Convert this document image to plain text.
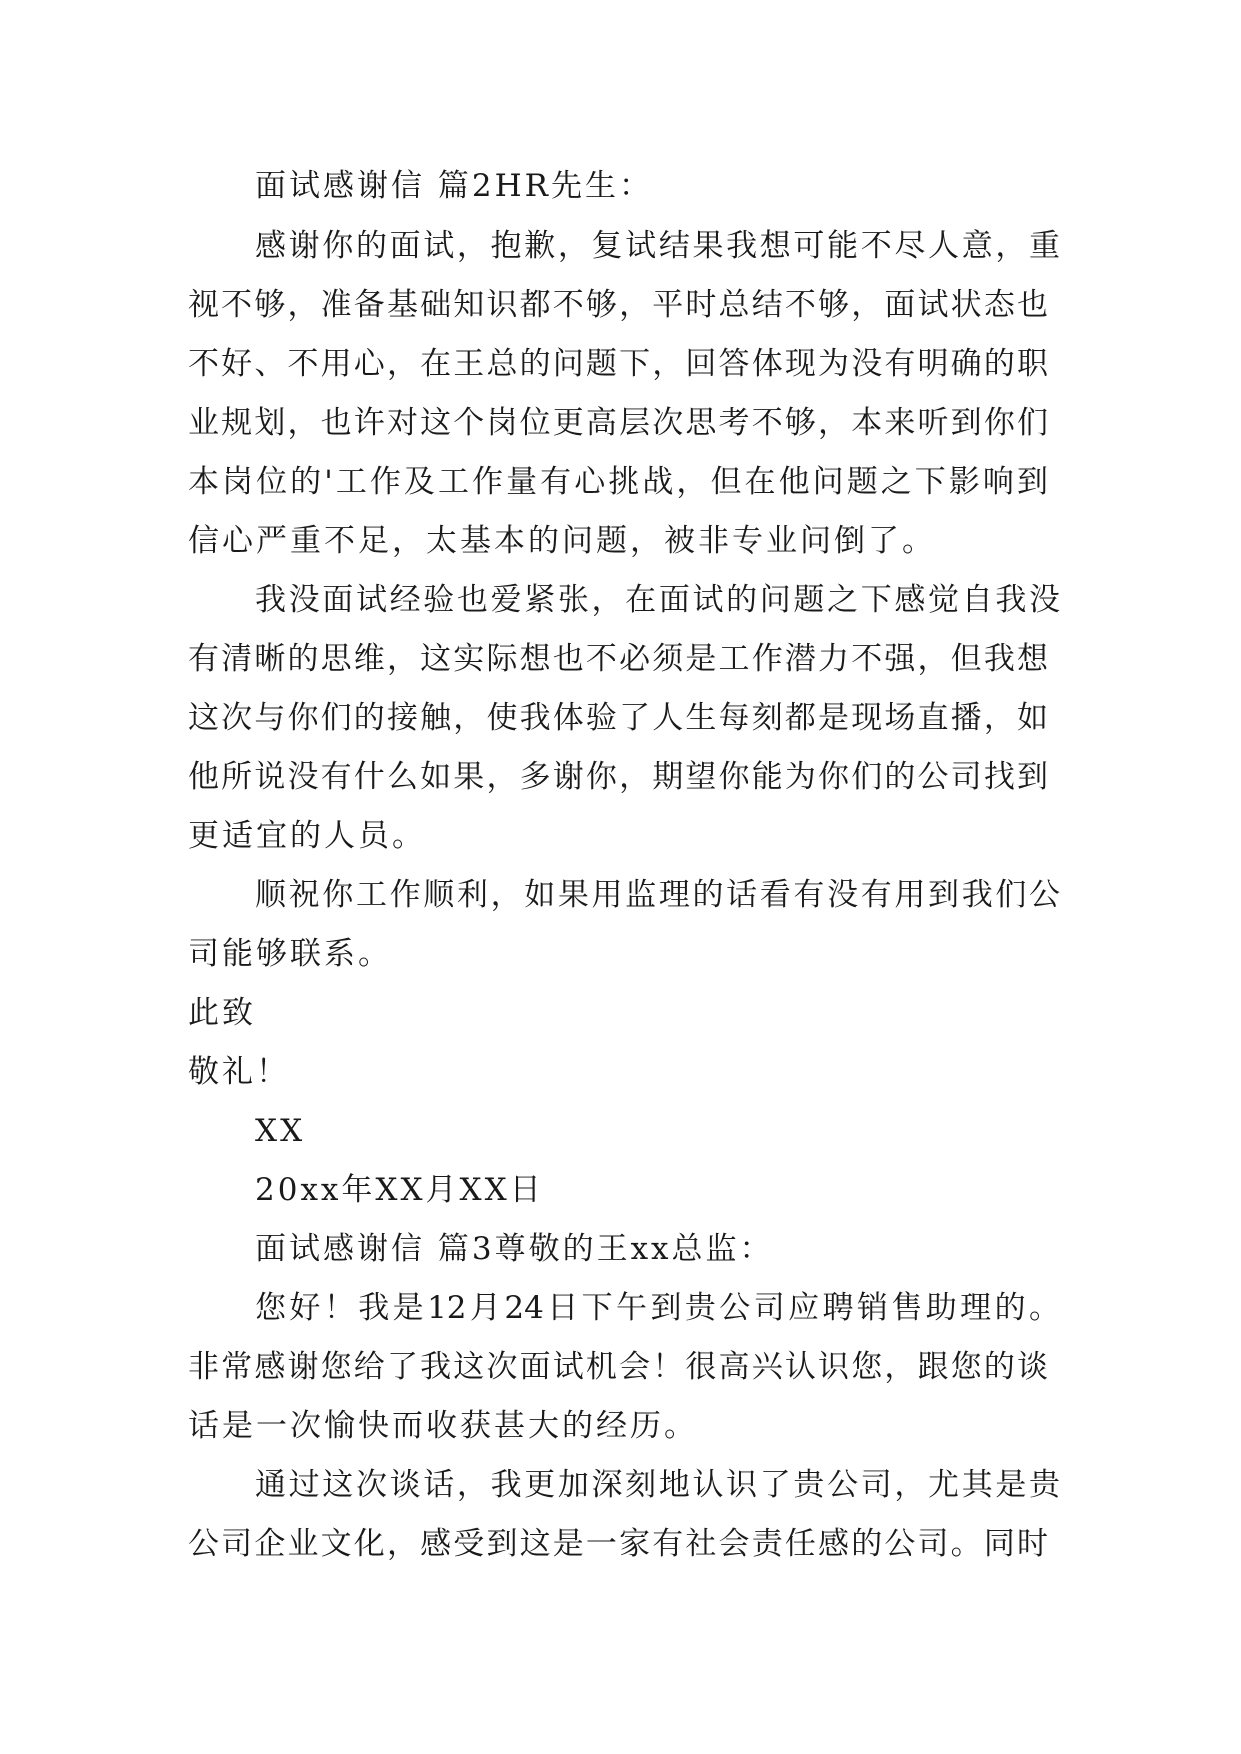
面试感谢信 篇2HR先生：
感谢你的面试，抱歉，复试结果我想可能不尽人意，重
视不够，准备基础知识都不够，平时总结不够，面试状态也
不好、不用心，在王总的问题下，回答体现为没有明确的职
业规划，也许对这个岗位更高层次思考不够，本来听到你们
本岗位的'工作及工作量有心挑战，但在他问题之下影响到
信心严重不足，太基本的问题，被非专业问倒了。
我没面试经验也爱紧张，在面试的问题之下感觉自我没
有清晰的思维，这实际想也不必须是工作潜力不强，但我想
这次与你们的接触，使我体验了人生每刻都是现场直播，如
他所说没有什么如果，多谢你，期望你能为你们的公司找到
更适宜的人员。
顺祝你工作顺利，如果用监理的话看有没有用到我们公
司能够联系。
此致
敬礼！
XX
20xx年XX月XX日
面试感谢信 篇3尊敬的王xx总监：
您好！我是12月24日下午到贵公司应聘销售助理的。
非常感谢您给了我这次面试机会！很高兴认识您，跟您的谈
话是一次愉快而收获甚大的经历。
通过这次谈话，我更加深刻地认识了贵公司，尤其是贵
公司企业文化，感受到这是一家有社会责任感的公司。同时
